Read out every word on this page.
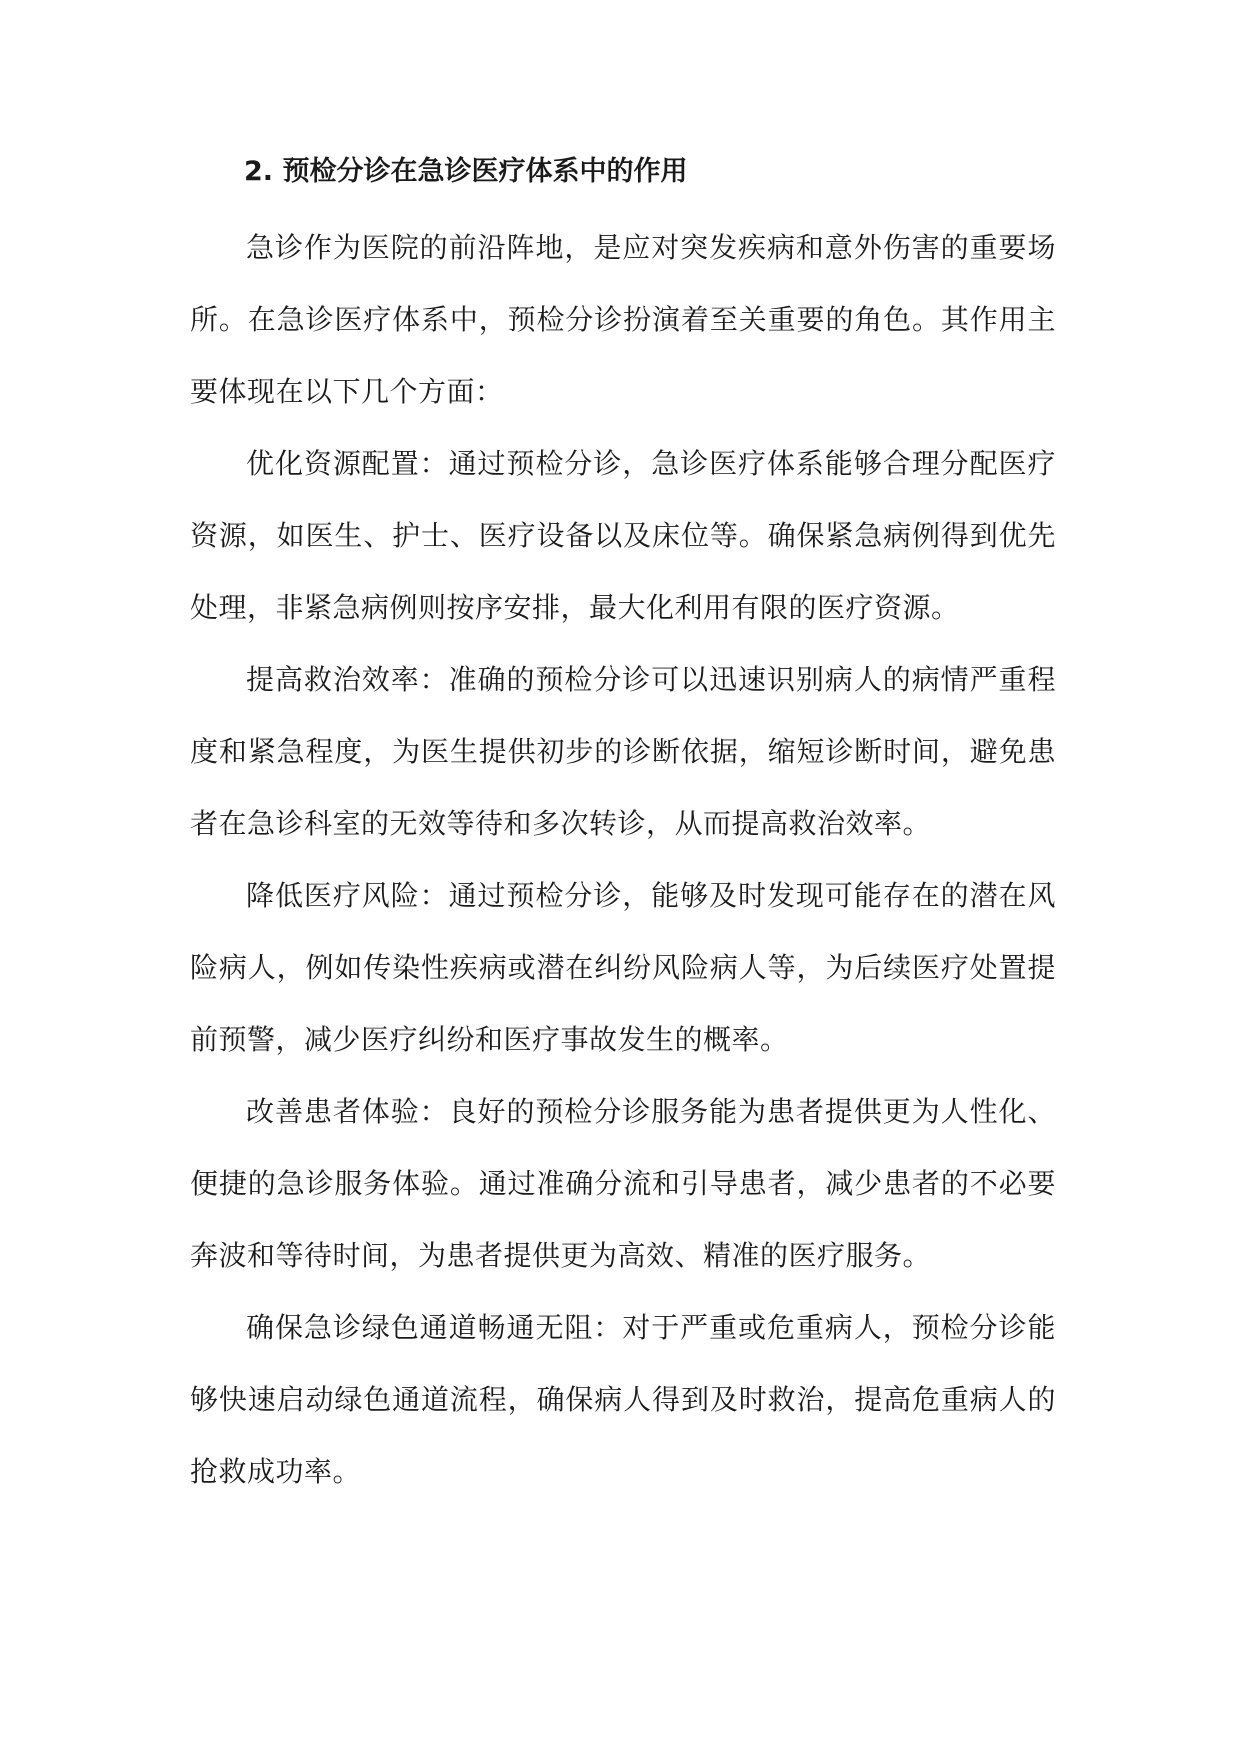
2. 预检分诊在急诊医疗体系中的作用

急诊作为医院的前沿阵地，是应对突发疾病和意外伤害的重要场所。在急诊医疗体系中，预检分诊扮演着至关重要的角色。其作用主要体现在以下几个方面：

优化资源配置：通过预检分诊，急诊医疗体系能够合理分配医疗资源，如医生、护士、医疗设备以及床位等。确保紧急病例得到优先处理，非紧急病例则按序安排，最大化利用有限的医疗资源。

提高救治效率：准确的预检分诊可以迅速识别病人的病情严重程度和紧急程度，为医生提供初步的诊断依据，缩短诊断时间，避免患者在急诊科室的无效等待和多次转诊，从而提高救治效率。

降低医疗风险：通过预检分诊，能够及时发现可能存在的潜在风险病人，例如传染性疾病或潜在纠纷风险病人等，为后续医疗处置提前预警，减少医疗纠纷和医疗事故发生的概率。

改善患者体验：良好的预检分诊服务能为患者提供更为人性化、便捷的急诊服务体验。通过准确分流和引导患者，减少患者的不必要奔波和等待时间，为患者提供更为高效、精准的医疗服务。

确保急诊绿色通道畅通无阻：对于严重或危重病人，预检分诊能够快速启动绿色通道流程，确保病人得到及时救治，提高危重病人的抢救成功率。
